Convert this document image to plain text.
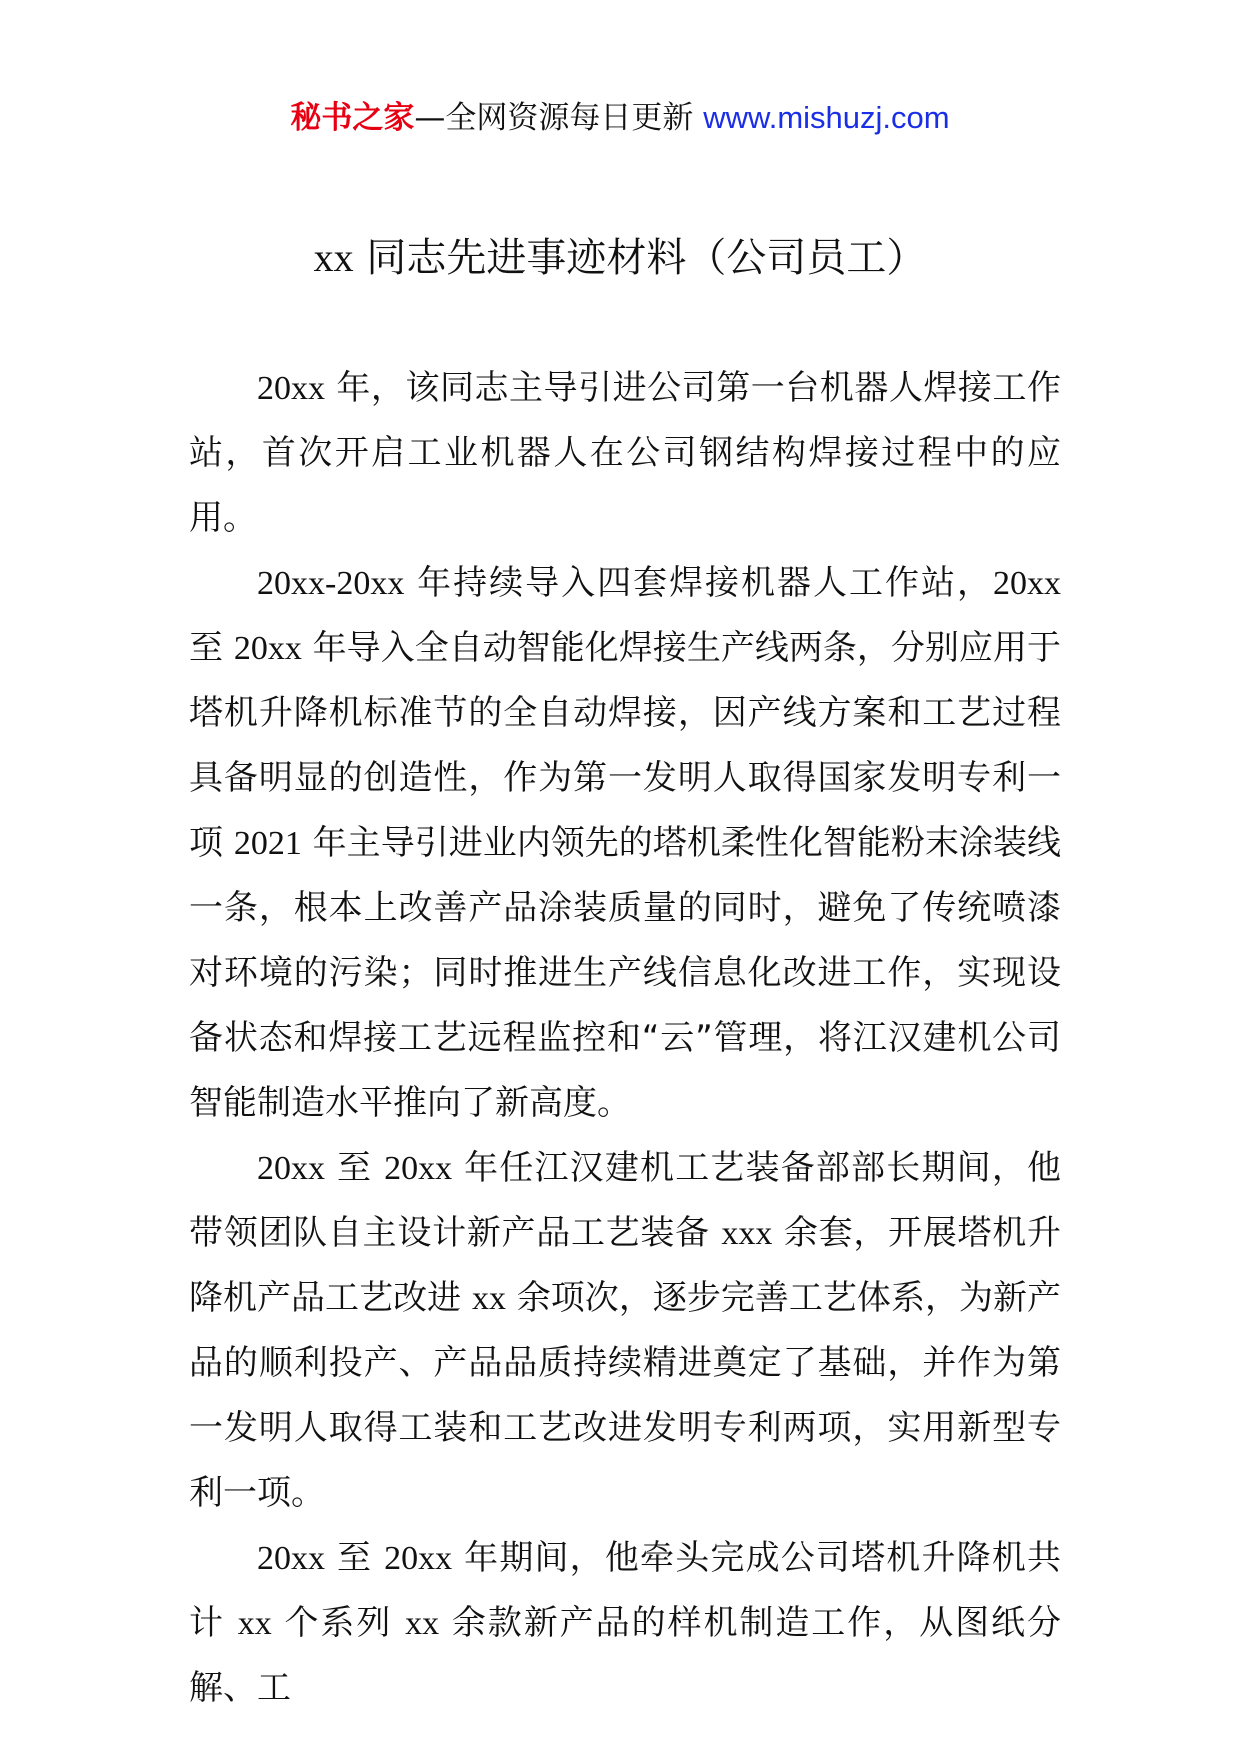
秘书之家—全网资源每日更新 www.mishuzj.com
xx 同志先进事迹材料（公司员工）

20xx 年，该同志主导引进公司第一台机器人焊接工作站，首次开启工业机器人在公司钢结构焊接过程中的应用。

20xx-20xx 年持续导入四套焊接机器人工作站，20xx 至 20xx 年导入全自动智能化焊接生产线两条，分别应用于塔机升降机标准节的全自动焊接，因产线方案和工艺过程具备明显的创造性，作为第一发明人取得国家发明专利一项 2021 年主导引进业内领先的塔机柔性化智能粉末涂装线一条，根本上改善产品涂装质量的同时，避免了传统喷漆对环境的污染；同时推进生产线信息化改进工作，实现设备状态和焊接工艺远程监控和“云”管理，将江汉建机公司智能制造水平推向了新高度。

20xx 至 20xx 年任江汉建机工艺装备部部长期间，他带领团队自主设计新产品工艺装备 xxx 余套，开展塔机升降机产品工艺改进 xx 余项次，逐步完善工艺体系，为新产品的顺利投产、产品品质持续精进奠定了基础，并作为第一发明人取得工装和工艺改进发明专利两项，实用新型专利一项。

20xx 至 20xx 年期间，他牵头完成公司塔机升降机共计 xx 个系列 xx 余款新产品的样机制造工作，从图纸分解、工
